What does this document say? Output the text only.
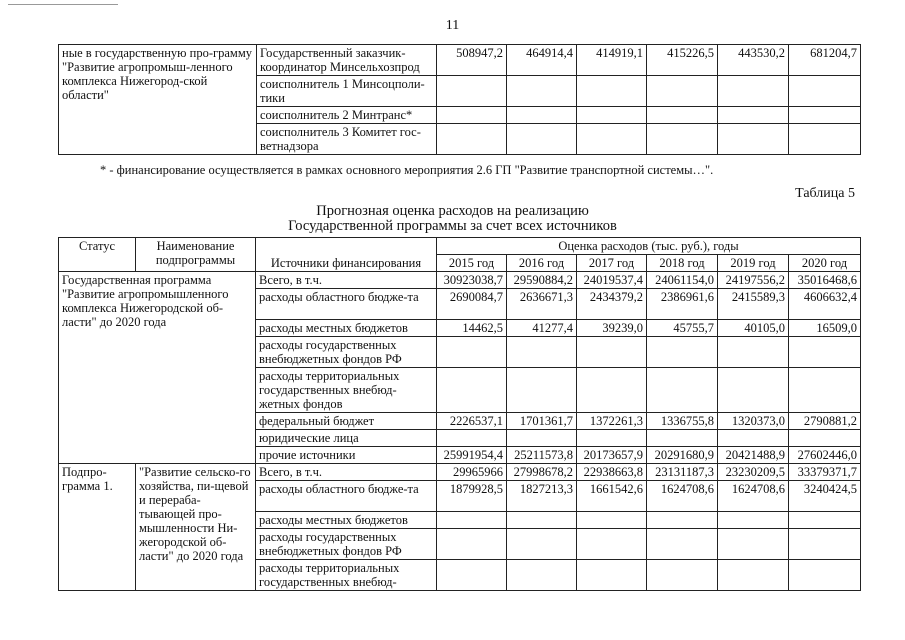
11
ные в государственную про-грамму "Развитие агропромыш-ленного комплекса Нижегород-ской области"	Государственный заказчик-координатор Минсельхозпрод	508947,2	464914,4	414919,1	415226,5	443530,2	681204,7
	соисполнитель 1 Минсоцполи-тики						
	соисполнитель 2 Минтранс*						
	соисполнитель 3 Комитет гос-ветнадзора						
* - финансирование осуществляется в рамках основного мероприятия 2.6 ГП "Развитие транспортной системы…".
Таблица 5
Прогнозная оценка расходов на реализацию
Государственной программы за счет всех источников
Статус	Наименование подпрограммы	Источники финансирования	Оценка расходов (тыс. руб.), годы					
			2015 год	2016 год	2017 год	2018 год	2019 год	2020 год
Государственная программа "Развитие агропромышленного комплекса Нижегородской об-ласти" до 2020 года		Всего, в т.ч.	30923038,7	29590884,2	24019537,4	24061154,0	24197556,2	35016468,6
		расходы областного бюдже-та	2690084,7	2636671,3	2434379,2	2386961,6	2415589,3	4606632,4
		расходы местных бюджетов	14462,5	41277,4	39239,0	45755,7	40105,0	16509,0
		расходы государственных внебюджетных фондов РФ						
		расходы территориальных государственных внебюд-жетных фондов						
		федеральный бюджет	2226537,1	1701361,7	1372261,3	1336755,8	1320373,0	2790881,2
		юридические лица						
		прочие источники	25991954,4	25211573,8	20173657,9	20291680,9	20421488,9	27602446,0
Подпро-грамма 1.	"Развитие сельско-го хозяйства, пи-щевой и перераба-тывающей про-мышленности Ни-жегородской об-ласти" до 2020 года	Всего, в т.ч.	29965966	27998678,2	22938663,8	23131187,3	23230209,5	33379371,7
		расходы областного бюдже-та	1879928,5	1827213,3	1661542,6	1624708,6	1624708,6	3240424,5
		расходы местных бюджетов						
		расходы государственных внебюджетных фондов РФ						
		расходы территориальных государственных внебюд-						
